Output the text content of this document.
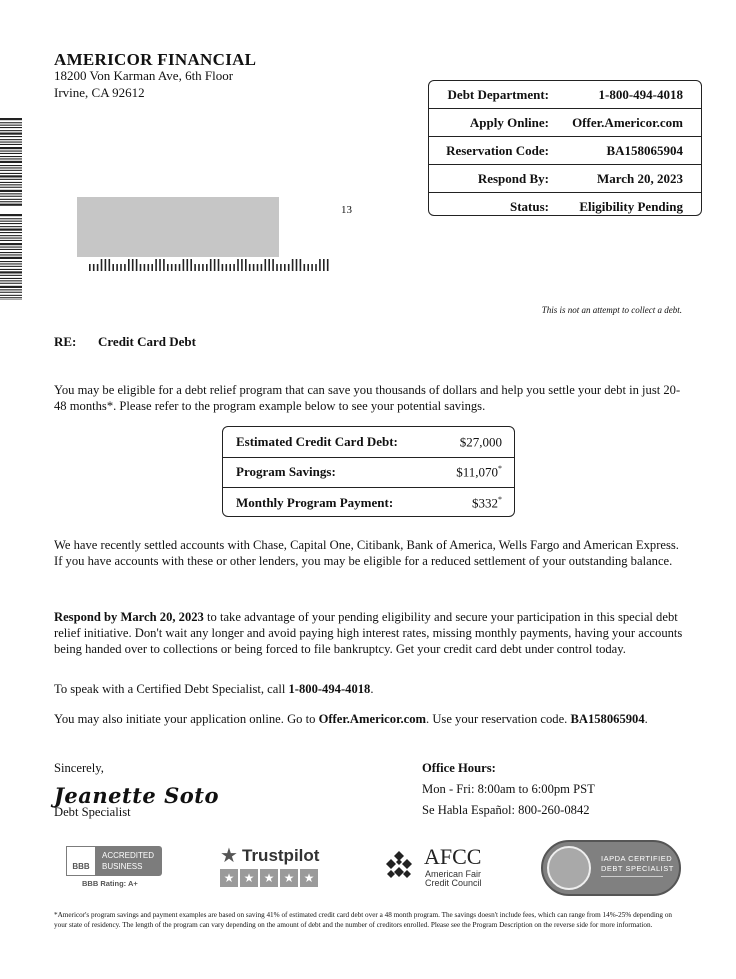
AMERICOR FINANCIAL
18200 Von Karman Ave, 6th Floor
Irvine, CA 92612
13
Debt Department:	1-800-494-4018
Apply Online:	Offer.Americor.com
Reservation Code:	BA158065904
Respond By:	March 20, 2023
Status:	Eligibility Pending
This is not an attempt to collect a debt.
RE: Credit Card Debt
You may be eligible for a debt relief program that can save you thousands of dollars and help you settle your debt in just 20-48 months*. Please refer to the program example below to see your potential savings.
Estimated Credit Card Debt:	$27,000
Program Savings:	$11,070*
Monthly Program Payment:	$332*
We have recently settled accounts with Chase, Capital One, Citibank, Bank of America, Wells Fargo and American Express. If you have accounts with these or other lenders, you may be eligible for a reduced settlement of your outstanding balance.
Respond by March 20, 2023 to take advantage of your pending eligibility and secure your participation in this special debt relief initiative. Don't wait any longer and avoid paying high interest rates, missing monthly payments, having your accounts being handed over to collections or being forced to file bankruptcy. Get your credit card debt under control today.
To speak with a Certified Debt Specialist, call 1-800-494-4018.
You may also initiate your application online. Go to Offer.Americor.com. Use your reservation code. BA158065904.
Sincerely,
Jeanette Soto
Debt Specialist
Office Hours:
Mon - Fri: 8:00am to 6:00pm PST
Se Habla Español: 800-260-0842
BBB
ACCREDITED
BUSINESS
BBB Rating: A+
★ Trustpilot
★ ★ ★ ★ ★
AFCC
American Fair
Credit Council
IAPDA CERTIFIED
DEBT SPECIALIST
*Americor's program savings and payment examples are based on saving 41% of estimated credit card debt over a 48 month program. The savings doesn't include fees, which can range from 14%-25% depending on your state of residency. The length of the program can vary depending on the amount of debt and the number of creditors enrolled. Please see the Program Description on the reverse side for more information.
